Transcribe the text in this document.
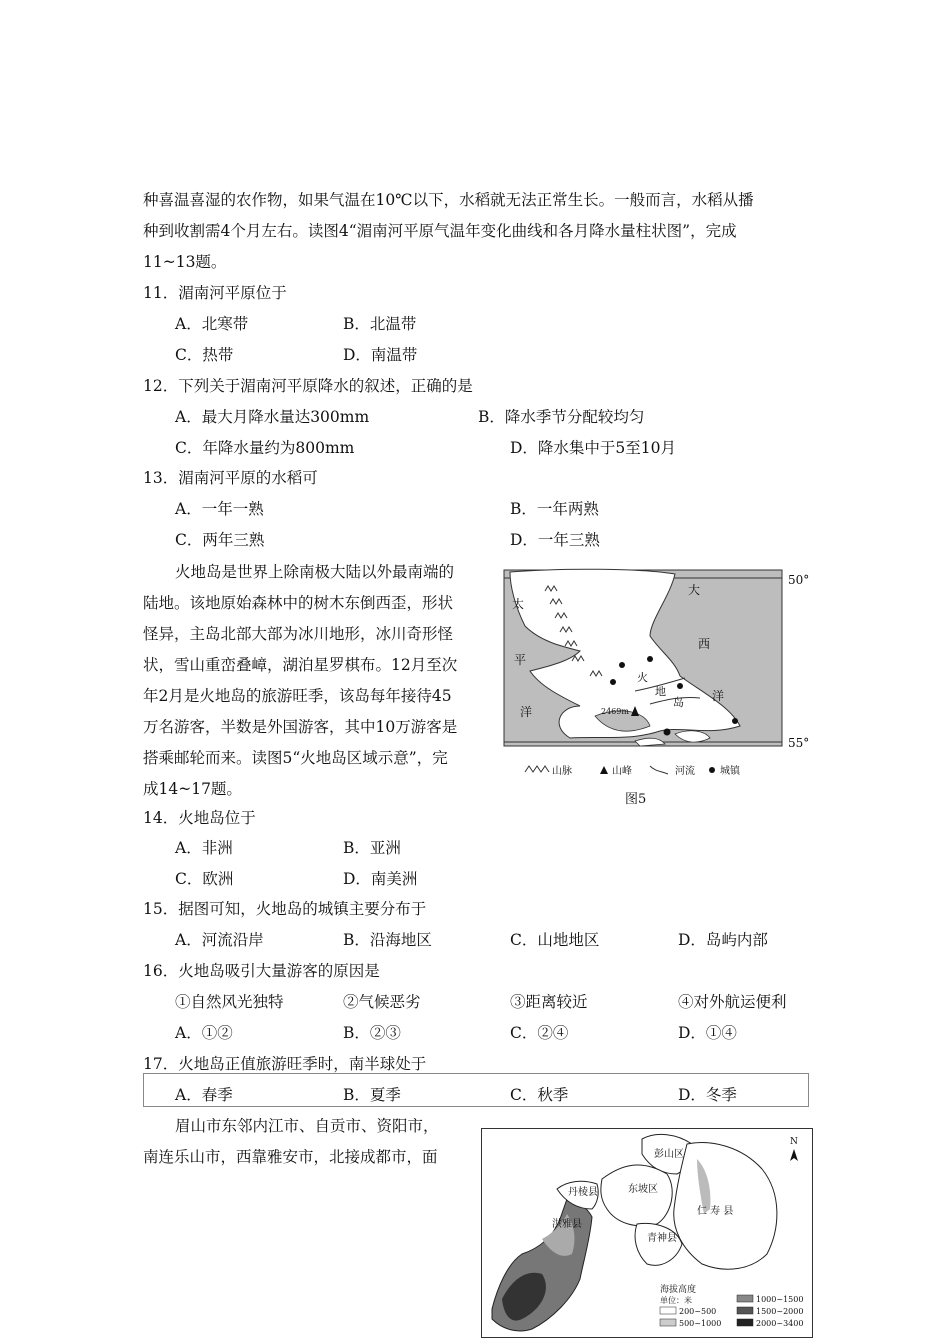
种喜温喜湿的农作物，如果气温在10℃以下，水稻就无法正常生长。一般而言，水稻从播
种到收割需4个月左右。读图4“湄南河平原气温年变化曲线和各月降水量柱状图”，完成
11~13题。
11．湄南河平原位于
A．北寒带	B．北温带
C．热带	D．南温带
12．下列关于湄南河平原降水的叙述，正确的是
A．最大月降水量达300mm	B．降水季节分配较均匀
C．年降水量约为800mm	D．降水集中于5至10月
13．湄南河平原的水稻可
A．一年一熟	B．一年两熟
C．两年三熟	D．一年三熟
火地岛是世界上除南极大陆以外最南端的
陆地。该地原始森林中的树木东倒西歪，形状
怪异，主岛北部大部为冰川地形，冰川奇形怪
状，雪山重峦叠嶂，湖泊星罗棋布。12月至次
年2月是火地岛的旅游旺季，该岛每年接待45
万名游客，半数是外国游客，其中10万游客是
搭乘邮轮而来。读图5“火地岛区域示意”，完
成14~17题。
2469m
50°
55°
太
平
洋
大
西
洋
火
地
岛
山脉	山峰	河流	城镇
图5
14．火地岛位于
A．非洲	B．亚洲
C．欧洲	D．南美洲
15．据图可知，火地岛的城镇主要分布于
A．河流沿岸	B．沿海地区	C．山地地区	D．岛屿内部
16．火地岛吸引大量游客的原因是
①自然风光独特	②气候恶劣	③距离较近	④对外航运便利
A．①②	B．②③	C．②④	D．①④
17．火地岛正值旅游旺季时，南半球处于
A．春季	B．夏季	C．秋季	D．冬季
眉山市东邻内江市、自贡市、资阳市，
南连乐山市，西靠雅安市，北接成都市，面	彭山区
丹棱县	东坡区
仁 寿 县
洪雅县
青神县
N
海拔高度
单位：米	1000~1500
200~500	1500~2000
500~1000	2000~3400
